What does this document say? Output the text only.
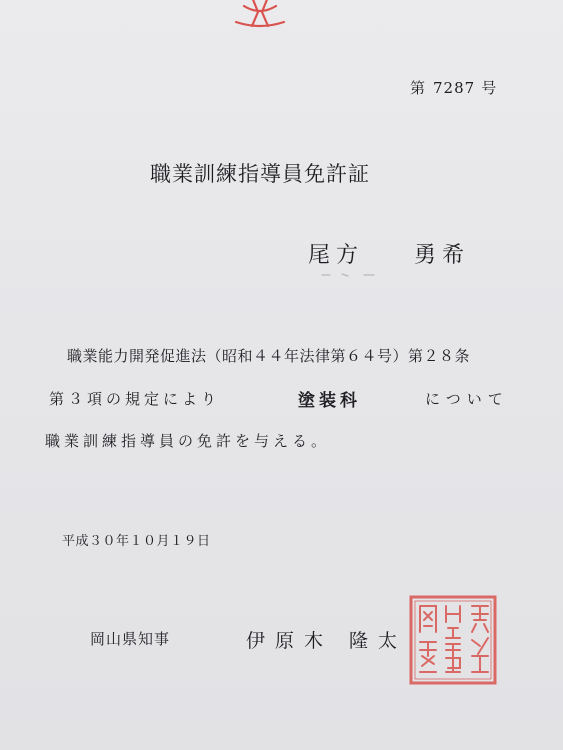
第 7287 号
職業訓練指導員免許証
尾方 勇希
職業能力開発促進法（昭和４４年法律第６４号）第２８条
第３項の規定により	塗装科	について
職業訓練指導員の免許を与える。
平成３０年１０月１９日
岡山県知事	伊原木 隆太
